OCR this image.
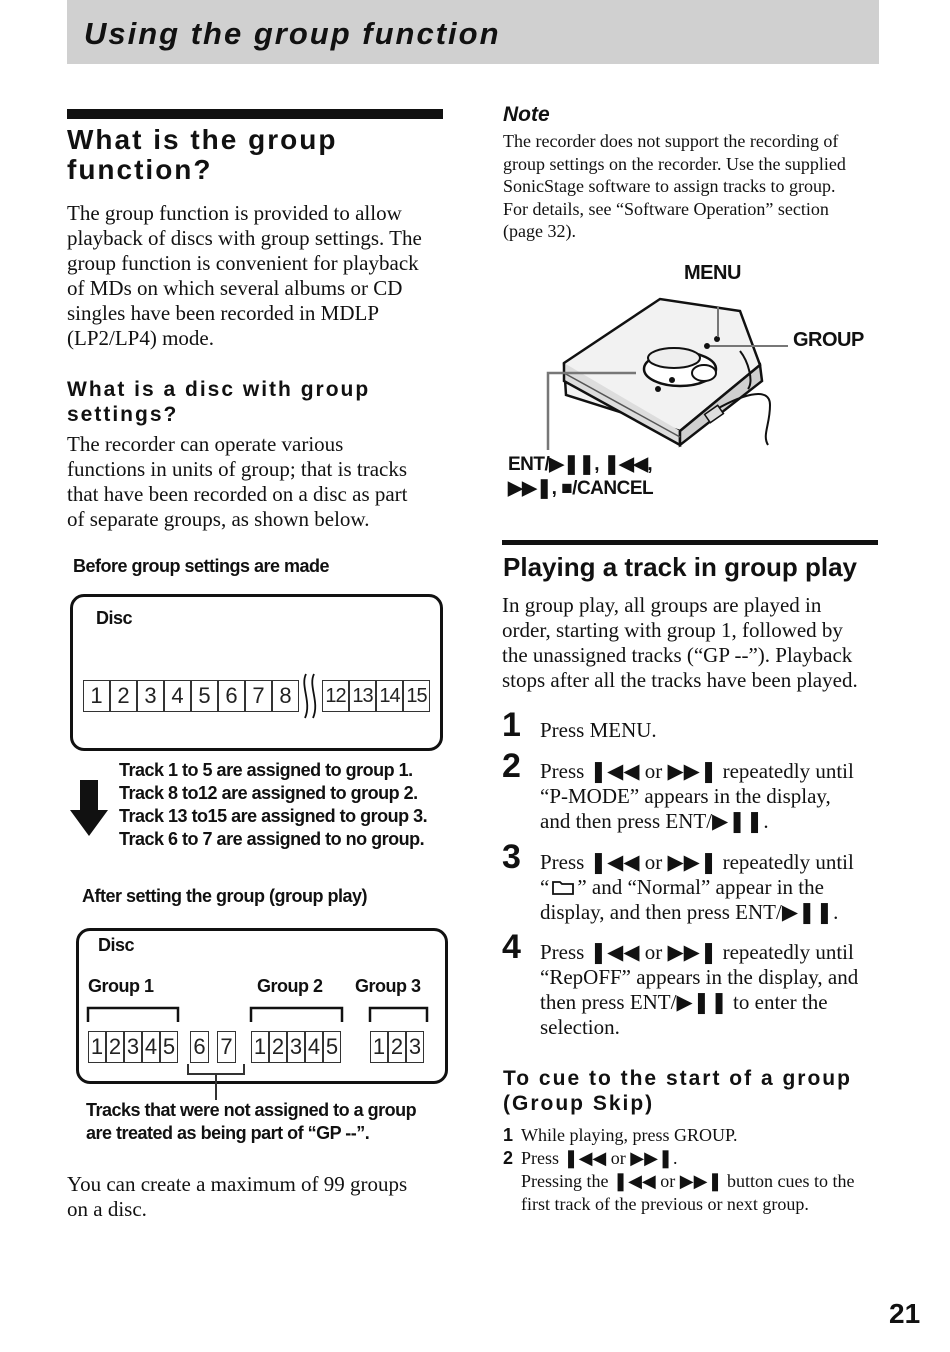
Using the group function
What is the group
function?
The group function is provided to allow
playback of discs with group settings. The
group function is convenient for playback
of MDs on which several albums or CD
singles have been recorded in MDLP
(LP2/LP4) mode.
What is a disc with group
settings?
The recorder can operate various
functions in units of group; that is tracks
that have been recorded on a disc as part
of separate groups, as shown below.
Before group settings are made
Disc
1 2 3 4 5 6 7 8	12 13 14 15
Track 1 to 5 are assigned to group 1.
Track 8 to12 are assigned to group 2.
Track 13 to15 are assigned to group 3.
Track 6 to 7 are assigned to no group.
After setting the group (group play)
Disc
Group 1	Group 2 Group 3
1 2 3 4 5 6 7 1 2 3 4 5 1 2 3
Tracks that were not assigned to a group
are treated as being part of “GP --”.
You can create a maximum of 99 groups
on a disc.
Note
The recorder does not support the recording of
group settings on the recorder. Use the supplied
SonicStage software to assign tracks to group.
For details, see “Software Operation” section
(page 32).
MENU
GROUP
ENT/▶❚❚, ❚◀◀,
▶▶❚, ■/CANCEL
Playing a track in group play
In group play, all groups are played in
order, starting with group 1, followed by
the unassigned tracks (“GP --”). Playback
stops after all the tracks have been played.
1 Press MENU.
2 Press ❚◀◀ or ▶▶❚ repeatedly until
“P-MODE” appears in the display,
and then press ENT/▶❚❚.
3 Press ❚◀◀ or ▶▶❚ repeatedly until
“ ” and “Normal” appear in the
display, and then press ENT/▶❚❚.
4 Press ❚◀◀ or ▶▶❚ repeatedly until
“RepOFF” appears in the display, and
then press ENT/▶❚❚ to enter the
selection.
To cue to the start of a group
(Group Skip)
1 While playing, press GROUP.
2 Press ❚◀◀ or ▶▶❚.
Pressing the ❚◀◀ or ▶▶❚ button cues to the
first track of the previous or next group.
21
